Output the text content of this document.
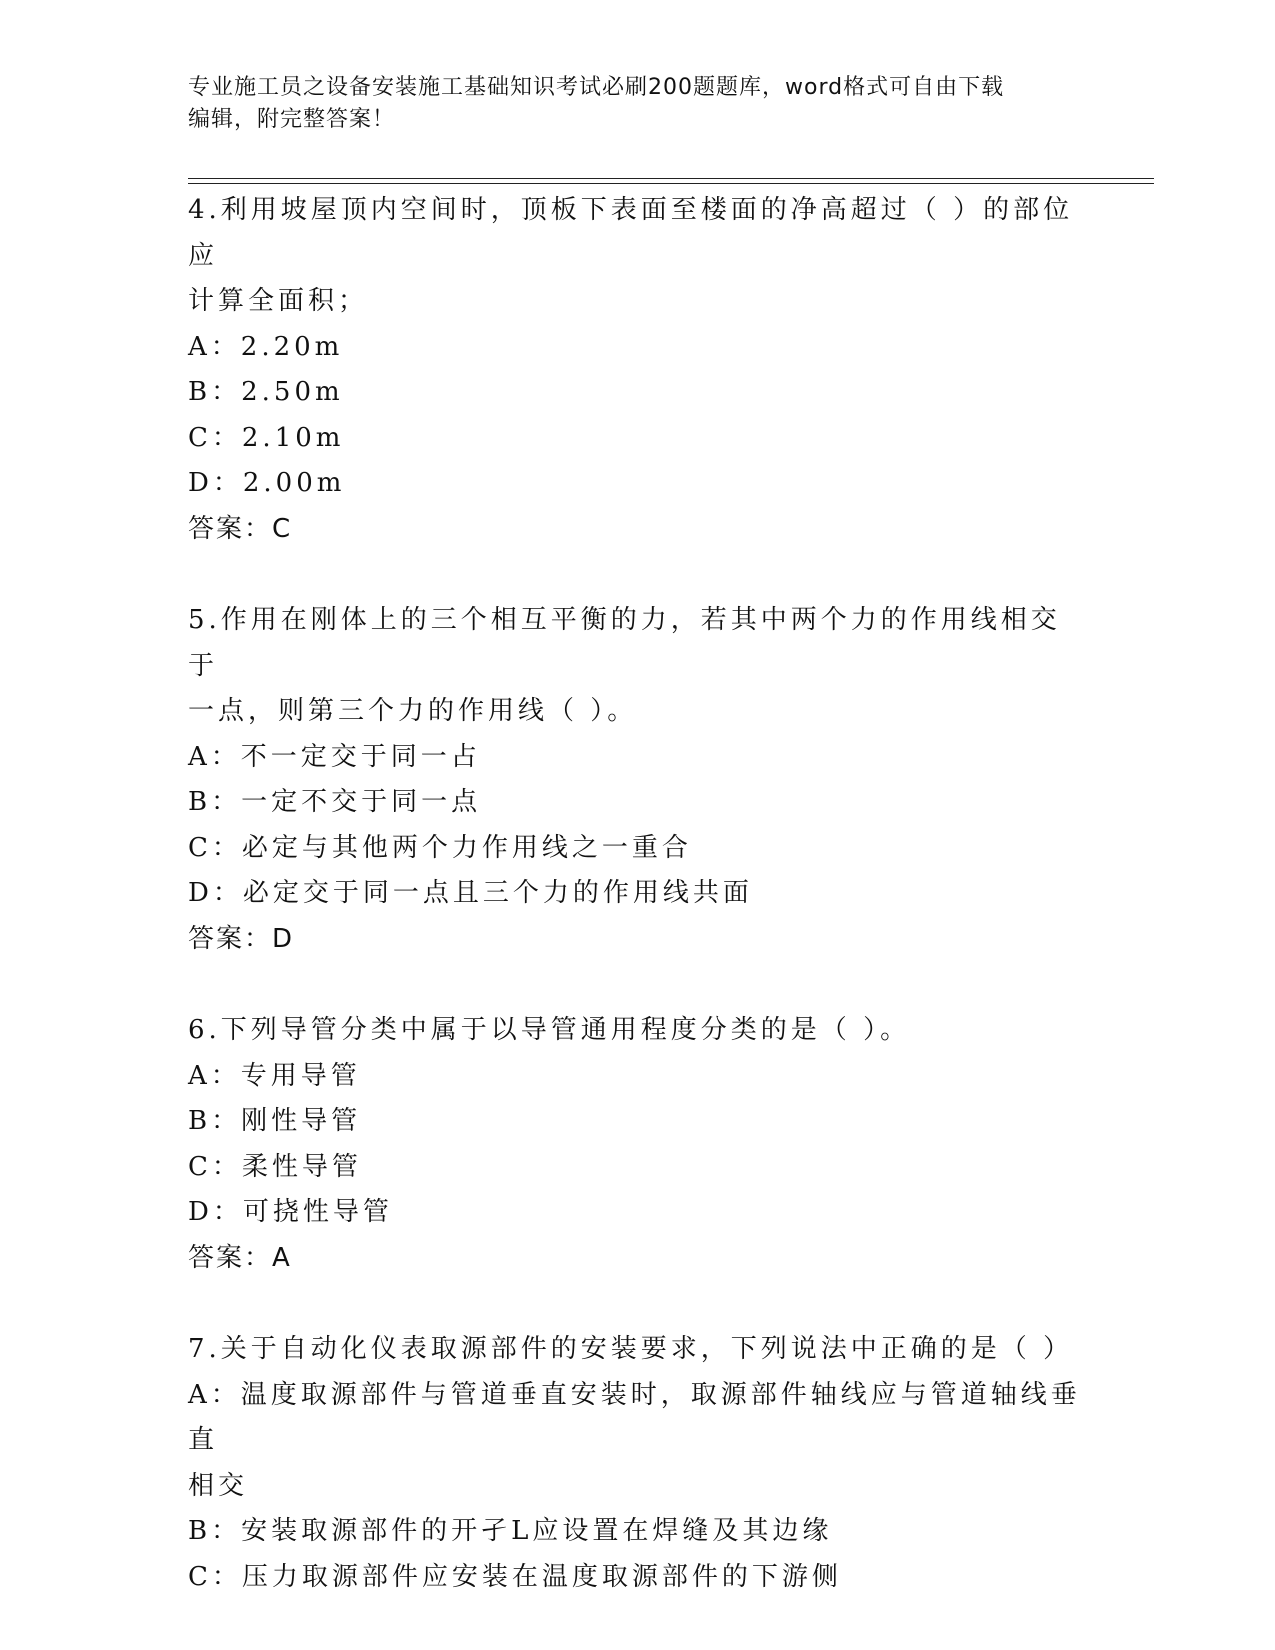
专业施工员之设备安装施工基础知识考试必刷200题题库，word格式可自由下载
编辑，附完整答案！

4.利用坡屋顶内空间时，顶板下表面至楼面的净高超过（ ）的部位应

计算全面积；

A：2.20m

B：2.50m

C：2.10m

D：2.00m

答案：C

5.作用在刚体上的三个相互平衡的力，若其中两个力的作用线相交于

一点，则第三个力的作用线（ ）。

A：不一定交于同一占

B：一定不交于同一点

C：必定与其他两个力作用线之一重合

D：必定交于同一点且三个力的作用线共面

答案：D

6.下列导管分类中属于以导管通用程度分类的是（ ）。

A：专用导管

B：刚性导管

C：柔性导管

D：可挠性导管

答案：A

7.关于自动化仪表取源部件的安装要求，下列说法中正确的是（ ）

A：温度取源部件与管道垂直安装时，取源部件轴线应与管道轴线垂直

相交

B：安装取源部件的开孑L应设置在焊缝及其边缘

C：压力取源部件应安装在温度取源部件的下游侧
